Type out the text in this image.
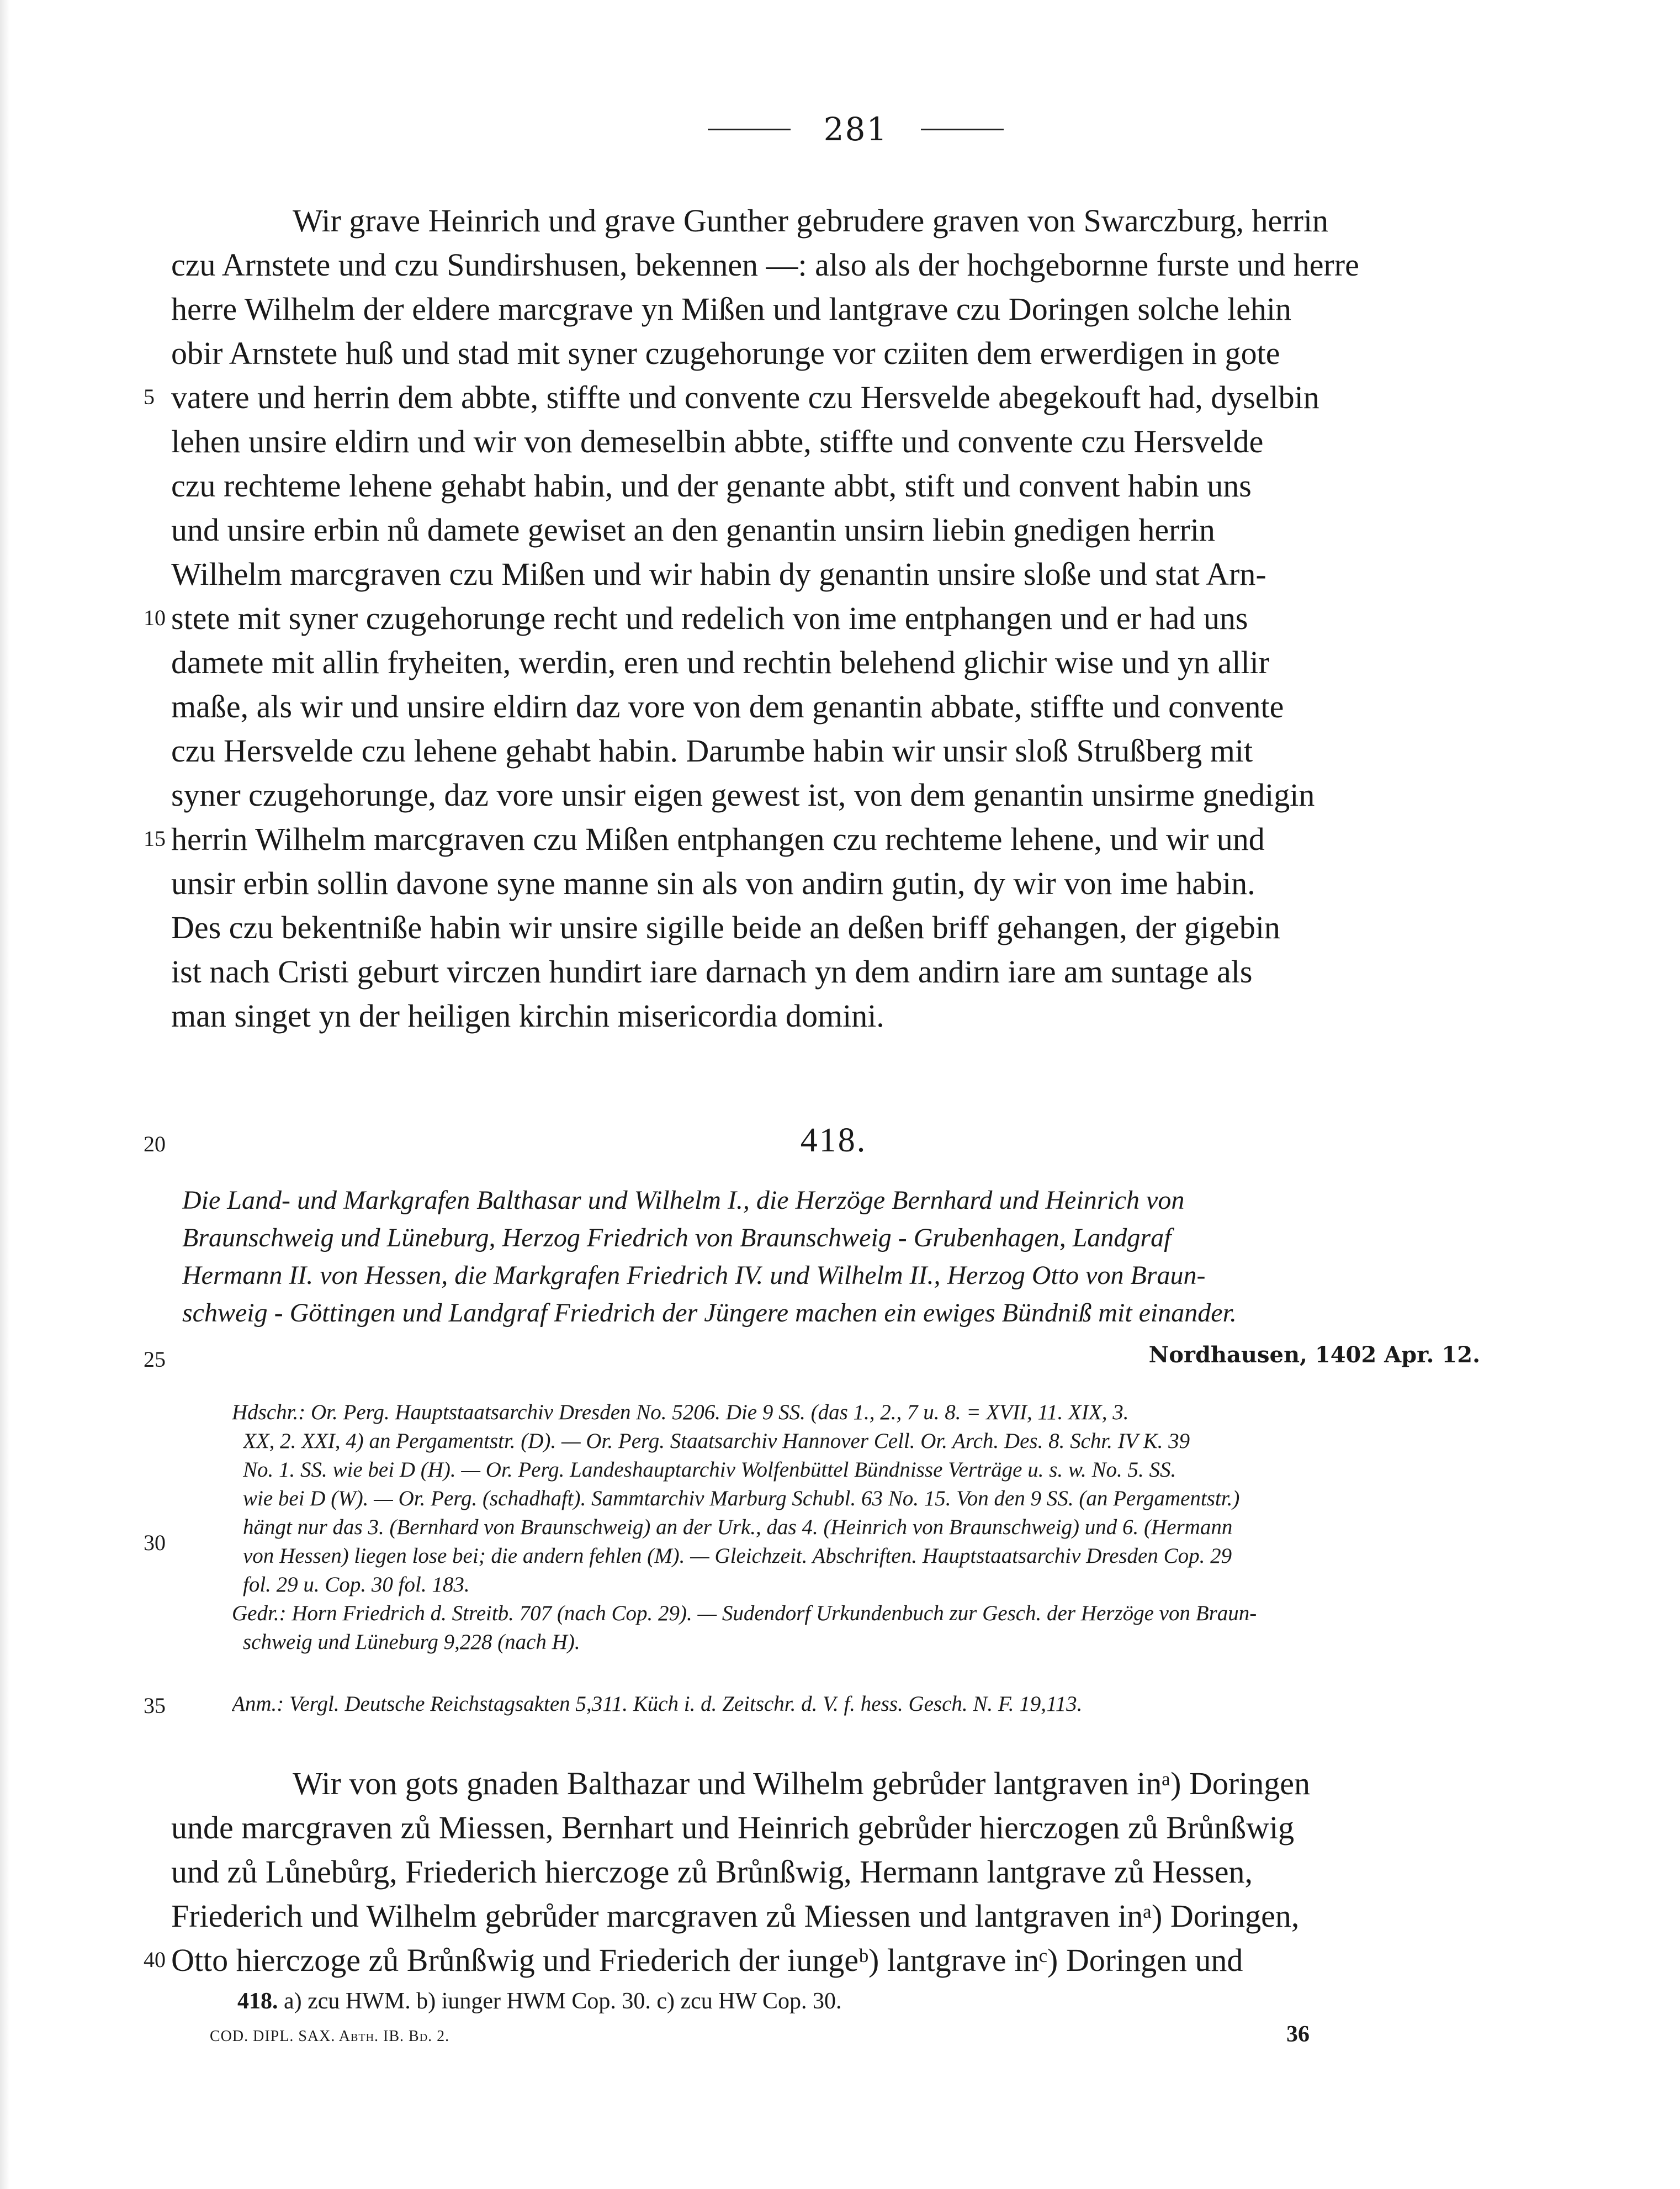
281
Wir grave Heinrich und grave Gunther gebrudere graven von Swarczburg, herrin
czu Arnstete und czu Sundirshusen, bekennen —: also als der hochgebornne furste und herre
herre Wilhelm der eldere marcgrave yn Mißen und lantgrave czu Doringen solche lehin
obir Arnstete huß und stad mit syner czugehorunge vor cziiten dem erwerdigen in gote
vatere und herrin dem abbte, stiffte und convente czu Hersvelde abegekouft had, dyselbin
lehen unsire eldirn und wir von demeselbin abbte, stiffte und convente czu Hersvelde
czu rechteme lehene gehabt habin, und der genante abbt, stift und convent habin uns
und unsire erbin nů damete gewiset an den genantin unsirn liebin gnedigen herrin
Wilhelm marcgraven czu Mißen und wir habin dy genantin unsire sloße und stat Arn-
stete mit syner czugehorunge recht und redelich von ime entphangen und er had uns
damete mit allin fryheiten, werdin, eren und rechtin belehend glichir wise und yn allir
maße, als wir und unsire eldirn daz vore von dem genantin abbate, stiffte und convente
czu Hersvelde czu lehene gehabt habin. Darumbe habin wir unsir sloß Strußberg mit
syner czugehorunge, daz vore unsir eigen gewest ist, von dem genantin unsirme gnedigin
herrin Wilhelm marcgraven czu Mißen entphangen czu rechteme lehene, und wir und
unsir erbin sollin davone syne manne sin als von andirn gutin, dy wir von ime habin.
Des czu bekentniße habin wir unsire sigille beide an deßen briff gehangen, der gigebin
ist nach Cristi geburt virczen hundirt iare darnach yn dem andirn iare am suntage als
man singet yn der heiligen kirchin misericordia domini.
5
10
15
20
25
30
35
40
418.
Die Land- und Markgrafen Balthasar und Wilhelm I., die Herzöge Bernhard und Heinrich von
Braunschweig und Lüneburg, Herzog Friedrich von Braunschweig - Grubenhagen, Landgraf
Hermann II. von Hessen, die Markgrafen Friedrich IV. und Wilhelm II., Herzog Otto von Braun-
schweig - Göttingen und Landgraf Friedrich der Jüngere machen ein ewiges Bündniß mit einander.
Nordhausen, 1402 Apr. 12.
Hdschr.: Or. Perg. Hauptstaatsarchiv Dresden No. 5206. Die 9 SS. (das 1., 2., 7 u. 8. = XVII, 11. XIX, 3.
XX, 2. XXI, 4) an Pergamentstr. (D). — Or. Perg. Staatsarchiv Hannover Cell. Or. Arch. Des. 8. Schr. IV K. 39
No. 1. SS. wie bei D (H). — Or. Perg. Landeshauptarchiv Wolfenbüttel Bündnisse Verträge u. s. w. No. 5. SS.
wie bei D (W). — Or. Perg. (schadhaft). Sammtarchiv Marburg Schubl. 63 No. 15. Von den 9 SS. (an Pergamentstr.)
hängt nur das 3. (Bernhard von Braunschweig) an der Urk., das 4. (Heinrich von Braunschweig) und 6. (Hermann
von Hessen) liegen lose bei; die andern fehlen (M). — Gleichzeit. Abschriften. Hauptstaatsarchiv Dresden Cop. 29
fol. 29 u. Cop. 30 fol. 183.
Gedr.: Horn Friedrich d. Streitb. 707 (nach Cop. 29). — Sudendorf Urkundenbuch zur Gesch. der Herzöge von Braun-
schweig und Lüneburg 9,228 (nach H).
Anm.: Vergl. Deutsche Reichstagsakten 5,311. Küch i. d. Zeitschr. d. V. f. hess. Gesch. N. F. 19,113.
Wir von gots gnaden Balthazar und Wilhelm gebrůder lantgraven inᵃ) Doringen
unde marcgraven zů Miessen, Bernhart und Heinrich gebrůder hierczogen zů Brůnßwig
und zů Lůnebůrg, Friederich hierczoge zů Brůnßwig, Hermann lantgrave zů Hessen,
Friederich und Wilhelm gebrůder marcgraven zů Miessen und lantgraven inᵃ) Doringen,
Otto hierczoge zů Brůnßwig und Friederich der iungeᵇ) lantgrave inᶜ) Doringen und
418. a) zcu HWM. b) iunger HWM Cop. 30. c) zcu HW Cop. 30.
COD. DIPL. SAX. Abth. IB. Bd. 2.	36
